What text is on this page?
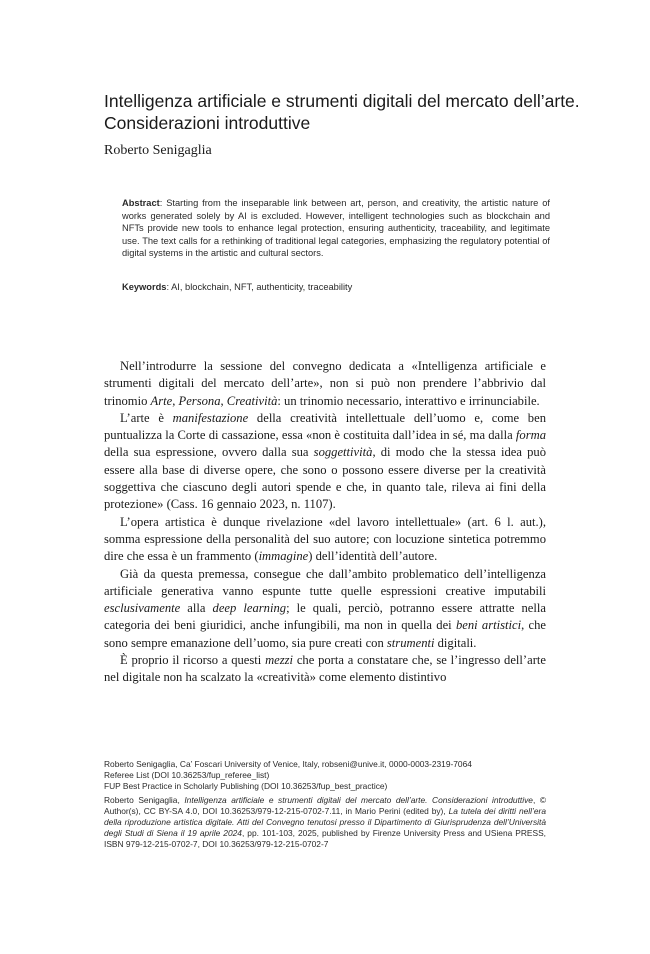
Intelligenza artificiale e strumenti digitali del mercato dell’arte. Considerazioni introduttive

Roberto Senigaglia

Abstract: Starting from the inseparable link between art, person, and creativity, the artistic nature of works generated solely by AI is excluded. However, intelligent technologies such as blockchain and NFTs provide new tools to enhance legal protection, ensuring authenticity, traceability, and legitimate use. The text calls for a rethinking of traditional legal categories, emphasizing the regulatory potential of digital systems in the artistic and cultural sectors.

Keywords: AI, blockchain, NFT, authenticity, traceability

Nell’introdurre la sessione del convegno dedicata a «Intelligenza artificiale e strumenti digitali del mercato dell’arte», non si può non prendere l’abbrivio dal trinomio Arte, Persona, Creatività: un trinomio necessario, interattivo e irrinunciabile.

L’arte è manifestazione della creatività intellettuale dell’uomo e, come ben puntualizza la Corte di cassazione, essa «non è costituita dall’idea in sé, ma dalla forma della sua espressione, ovvero dalla sua soggettività, di modo che la stessa idea può essere alla base di diverse opere, che sono o possono essere diverse per la creatività soggettiva che ciascuno degli autori spende e che, in quanto tale, rileva ai fini della protezione» (Cass. 16 gennaio 2023, n. 1107).

L’opera artistica è dunque rivelazione «del lavoro intellettuale» (art. 6 l. aut.), somma espressione della personalità del suo autore; con locuzione sintetica potremmo dire che essa è un frammento (immagine) dell’identità dell’autore.

Già da questa premessa, consegue che dall’ambito problematico dell’intelligenza artificiale generativa vanno espunte tutte quelle espressioni creative imputabili esclusivamente alla deep learning; le quali, perciò, potranno essere attratte nella categoria dei beni giuridici, anche infungibili, ma non in quella dei beni artistici, che sono sempre emanazione dell’uomo, sia pure creati con strumenti digitali.

È proprio il ricorso a questi mezzi che porta a constatare che, se l’ingresso dell’arte nel digitale non ha scalzato la «creatività» come elemento distintivo

Roberto Senigaglia, Ca’ Foscari University of Venice, Italy, robseni@unive.it, 0000-0003-2319-7064

Referee List (DOI 10.36253/fup_referee_list)

FUP Best Practice in Scholarly Publishing (DOI 10.36253/fup_best_practice)

Roberto Senigaglia, Intelligenza artificiale e strumenti digitali del mercato dell’arte. Considerazioni introduttive, © Author(s), CC BY-SA 4.0, DOI 10.36253/979-12-215-0702-7.11, in Mario Perini (edited by), La tutela dei diritti nell’era della riproduzione artistica digitale. Atti del Convegno tenutosi presso il Dipartimento di Giurisprudenza dell’Università degli Studi di Siena il 19 aprile 2024, pp. 101-103, 2025, published by Firenze University Press and USiena PRESS, ISBN 979-12-215-0702-7, DOI 10.36253/979-12-215-0702-7
